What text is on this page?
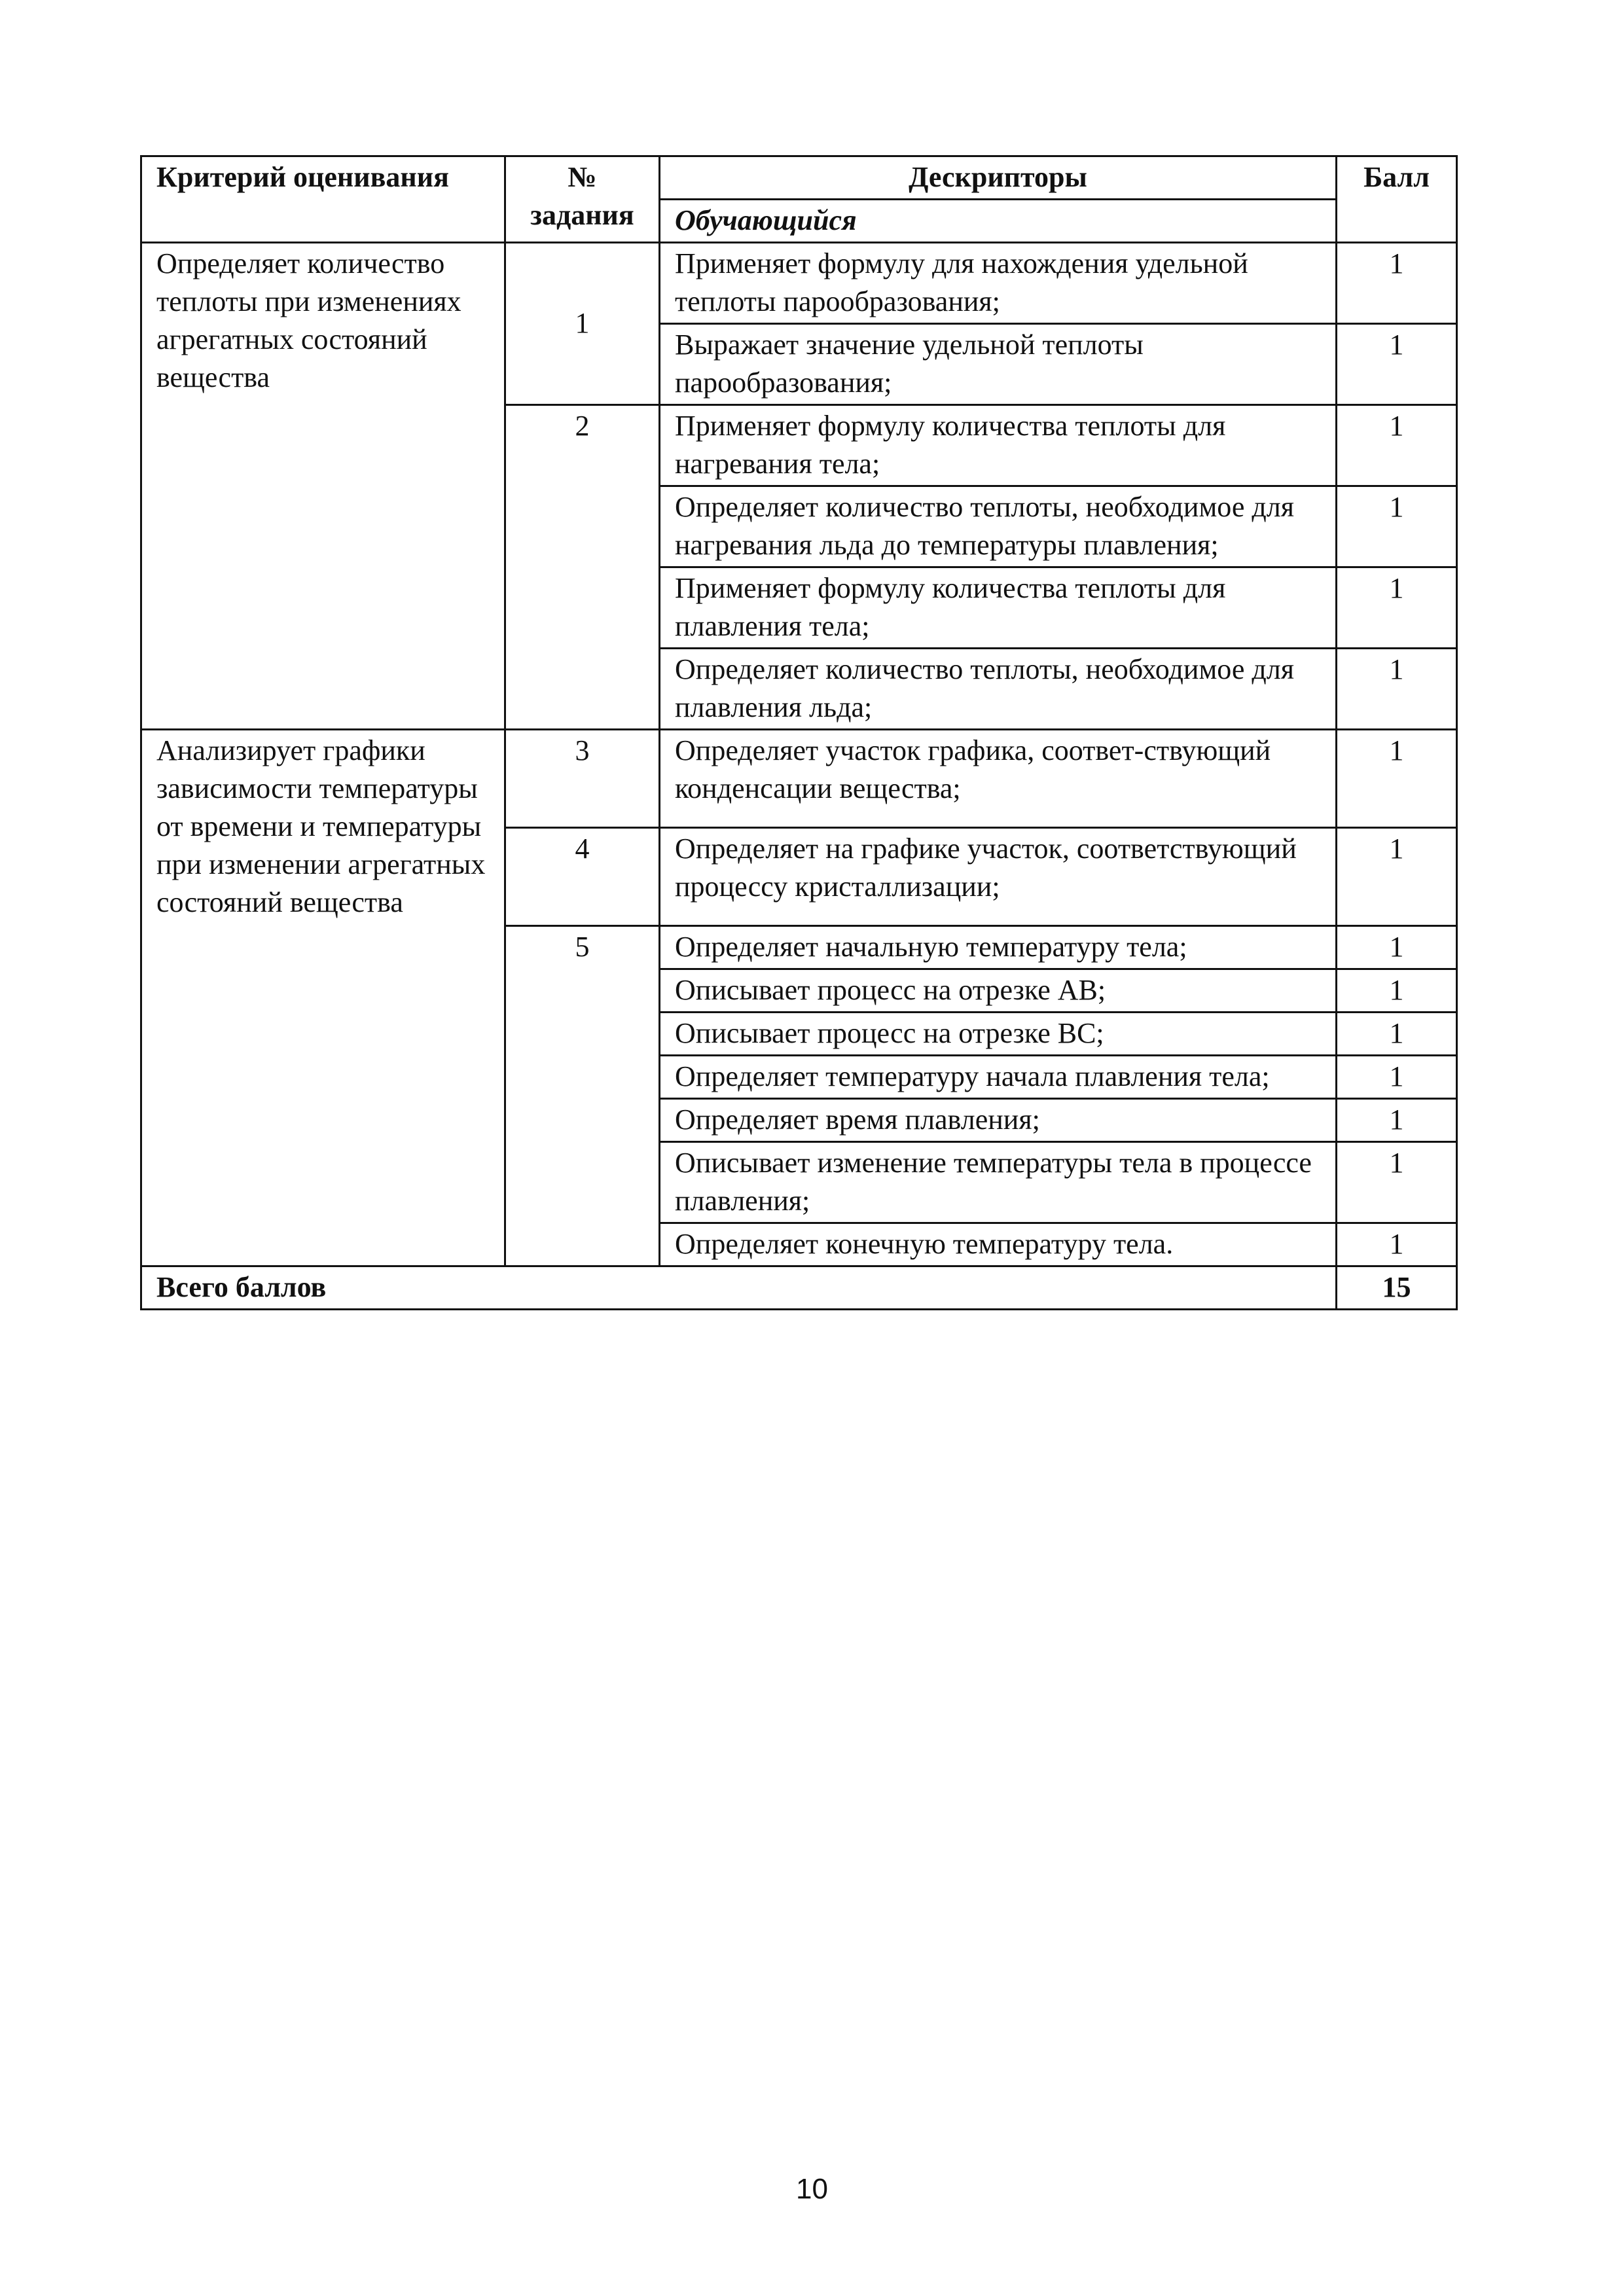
Критерий оценивания	№ задания	Дескрипторы	Балл
		Обучающийся	
Определяет количество теплоты при изменениях агрегатных состояний вещества	1	Применяет формулу для нахождения удельной теплоты парообразования;	1
		Выражает значение удельной теплоты парообразования;	1
	2	Применяет формулу количества теплоты для нагревания тела;	1
		Определяет количество теплоты, необходимое для нагревания льда до температуры плавления;	1
		Применяет формулу количества теплоты для плавления тела;	1
		Определяет количество теплоты, необходимое для плавления льда;	1
Анализирует графики зависимости температуры от времени и температуры при изменении агрегатных состояний вещества	3	Определяет участок графика, соответ-ствующий конденсации вещества;	1
	4	Определяет на графике участок, соответствующий процессу кристаллизации;	1
	5	Определяет начальную температуру тела;	1
		Описывает процесс на отрезке АВ;	1
		Описывает процесс на отрезке ВС;	1
		Определяет температуру начала плавления тела;	1
		Определяет время плавления;	1
		Описывает изменение температуры тела в процессе плавления;	1
		Определяет конечную температуру тела.	1
Всего баллов			15
10
